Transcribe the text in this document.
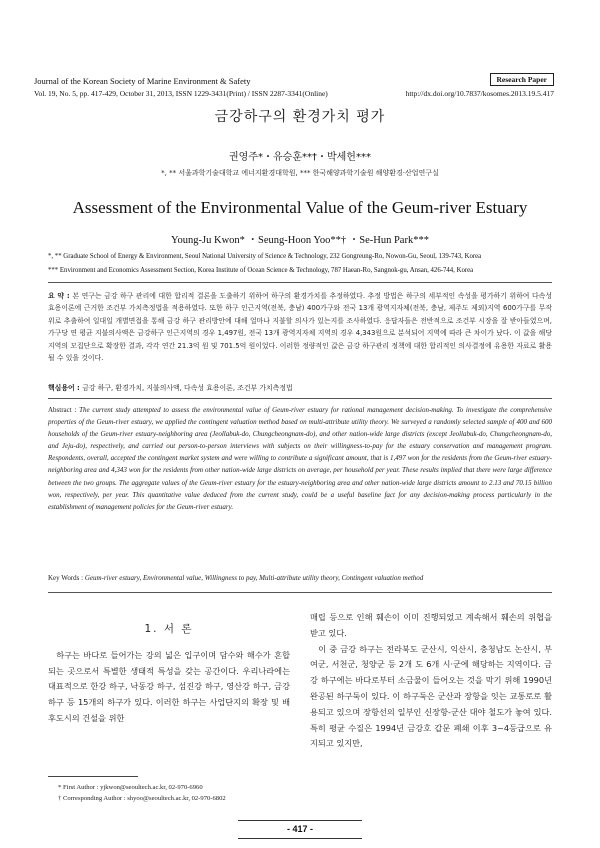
Journal of the Korean Society of Marine Environment & Safety	Research Paper
Vol. 19, No. 5, pp. 417-429, October 31, 2013, ISSN 1229-3431(Print) / ISSN 2287-3341(Online)	http://dx.doi.org/10.7837/kosomes.2013.19.5.417
금강하구의 환경가치 평가
권영주*・유승훈**†・박세헌***
*, ** 서울과학기술대학교 에너지환경대학원, *** 한국해양과학기술원 해양환경·산업연구실
Assessment of the Environmental Value of the Geum-river Estuary
Young-Ju Kwon* ・Seung-Hoon Yoo**† ・Se-Hun Park***
*, ** Graduate School of Energy & Environment, Seoul National University of Science & Technology, 232 Gongreung-Ro, Nowon-Gu, Seoul, 139-743, Korea
*** Environment and Economics Assessment Section, Korea Institute of Ocean Science & Technology, 787 Haean-Ro, Sangnok-gu, Ansan, 426-744, Korea
요 약 : 본 연구는 금강 하구 관리에 대한 합리적 결론을 도출하기 위하여 하구의 환경가치를 추정하였다. 추정 방법은 하구의 세부적인 속성을 평가하기 위하여 다속성 효용이론에 근거한 조건부 가치측정법을 적용하였다. 또한 하구 인근지역(전북, 충남) 400가구와 전국 13개 광역지자체(전북, 충남, 제주도 제외)지역 600가구를 무작위로 추출하여 일대일 개별면접을 통해 금강 하구 관리방안에 대해 얼마나 지불할 의사가 있는지를 조사하였다. 응답자들은 전반적으로 조건부 시장을 잘 받아들였으며, 가구당 연 평균 지불의사액은 금강하구 인근지역의 경우 1,497원, 전국 13개 광역지자체 지역의 경우 4,343원으로 분석되어 지역에 따라 큰 차이가 났다. 이 값을 해당 지역의 모집단으로 확장한 결과, 각각 연간 21.3억 원 및 701.5억 원이었다. 이러한 정량적인 값은 금강 하구관리 정책에 대한 합리적인 의사결정에 유용한 자료로 활용될 수 있을 것이다.
핵심용어 : 금강 하구, 환경가치, 지불의사액, 다속성 효용이론, 조건부 가치측정법
Abstract : The current study attempted to assess the environmental value of Geum-river estuary for rational management decision-making. To investigate the comprehensive properties of the Geum-river estuary, we applied the contingent valuation method based on multi-attribute utility theory. We surveyed a randomly selected sample of 400 and 600 households of the Geum-river estuary-neighboring area (Jeollabuk-do, Chungcheongnam-do), and other nation-wide large districts (except Jeollabuk-do, Chungcheongnam-do, and Jeju-do), respectively, and carried out person-to-person interviews with subjects on their willingness-to-pay for the estuary conservation and management program. Respondents, overall, accepted the contingent market system and were willing to contribute a significant amount, that is 1,497 won for the residents from the Geum-river estuary-neighboring area and 4,343 won for the residents from other nation-wide large districts on average, per household per year. These results implied that there were large difference between the two groups. The aggregate values of the Geum-river estuary for the estuary-neighboring area and other nation-wide large districts amount to 2.13 and 70.15 billion won, respectively, per year. This quantitative value deduced from the current study, could be a useful baseline fact for any decision-making process particularly in the establishment of management policies for the Geum-river estuary.
Key Words : Geum-river estuary, Environmental value, Willingness to pay, Multi-attribute utility theory, Contingent valuation method
1. 서 론

하구는 바다로 들어가는 강의 넓은 입구이며 담수와 해수가 혼합되는 곳으로서 특별한 생태적 특성을 갖는 공간이다. 우리나라에는 대표적으로 한강 하구, 낙동강 하구, 섬진강 하구, 영산강 하구, 금강 하구 등 15개의 하구가 있다. 이러한 하구는 사업단지의 확장 및 배후도시의 건설을 위한

매립 등으로 인해 훼손이 이미 진행되었고 계속해서 훼손의 위협을 받고 있다.

이 중 금강 하구는 전라북도 군산시, 익산시, 충청남도 논산시, 부여군, 서천군, 청양군 등 2개 도 6개 시·군에 해당하는 지역이다. 금강 하구에는 바다로부터 소금물이 들어오는 것을 막기 위해 1990년 완공된 하구둑이 있다. 이 하구둑은 군산과 장항을 잇는 교통로로 활용되고 있으며 장항선의 일부인 신장항-군산 대야 철도가 놓여 있다. 특히 평균 수질은 1994년 금강호 갑문 폐쇄 이후 3~4등급으로 유지되고 있지만,

* First Author : yjkwon@seoultech.ac.kr, 02-970-6960
† Corresponding Author : shyoo@seoultech.ac.kr, 02-970-6802
- 417 -
